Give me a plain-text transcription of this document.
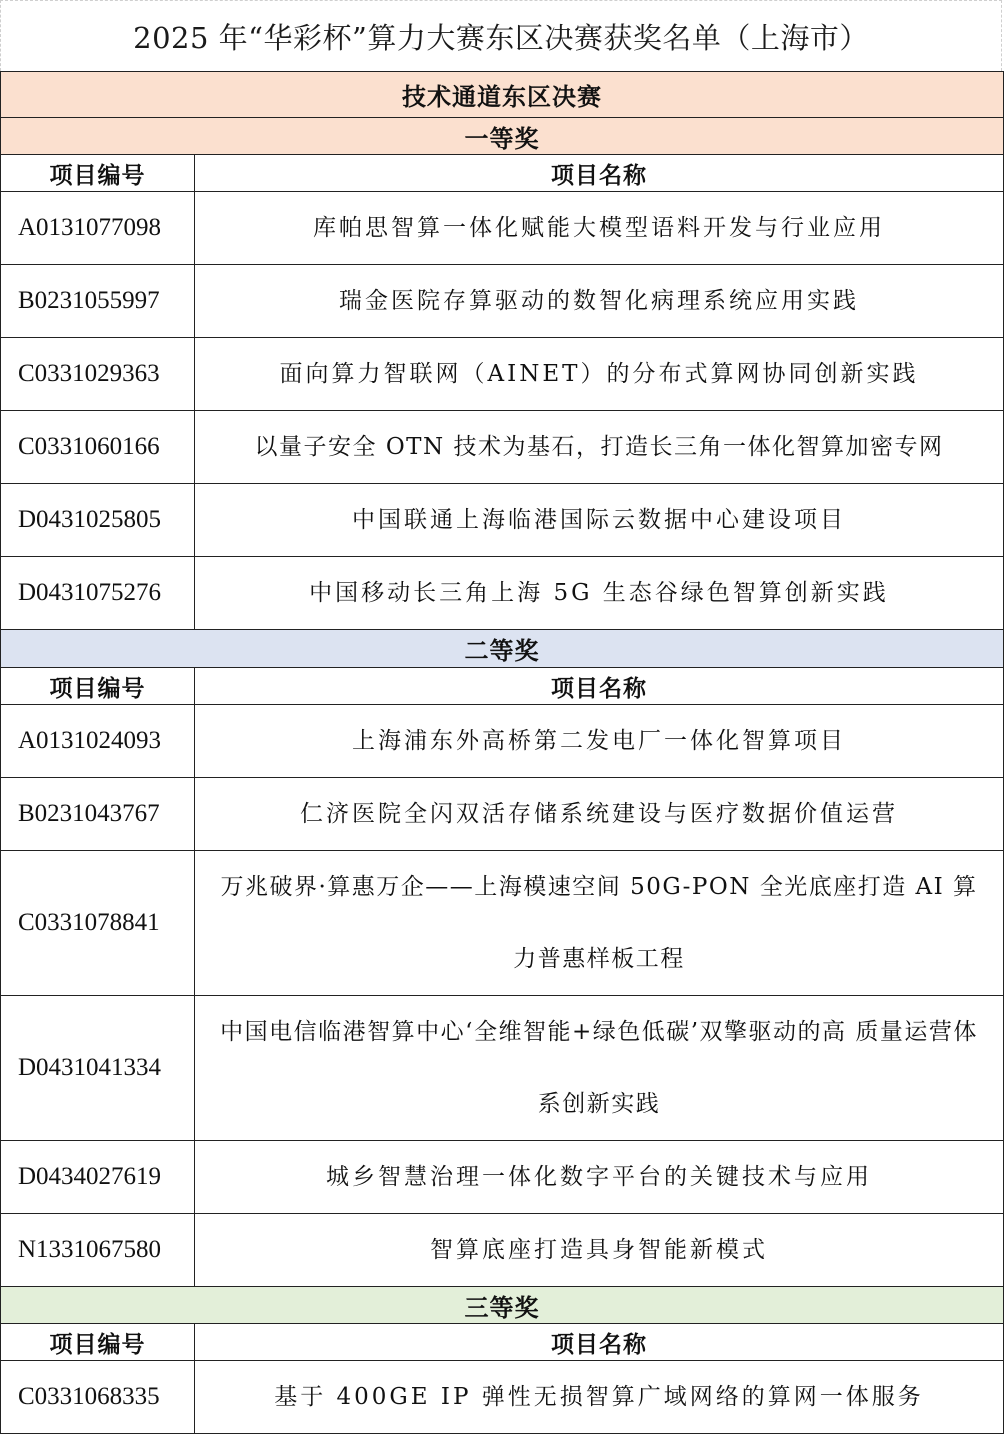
2025 年“华彩杯”算力大赛东区决赛获奖名单（上海市）
技术通道东区决赛	
一等奖	
项目编号	项目名称
A0131077098	库帕思智算一体化赋能大模型语料开发与行业应用
B0231055997	瑞金医院存算驱动的数智化病理系统应用实践
C0331029363	面向算力智联网（AINET）的分布式算网协同创新实践
C0331060166	以量子安全 OTN 技术为基石，打造长三角一体化智算加密专网
D0431025805	中国联通上海临港国际云数据中心建设项目
D0431075276	中国移动长三角上海 5G 生态谷绿色智算创新实践
二等奖	
项目编号	项目名称
A0131024093	上海浦东外高桥第二发电厂一体化智算项目
B0231043767	仁济医院全闪双活存储系统建设与医疗数据价值运营
C0331078841	万兆破界·算惠万企——上海模速空间 50G-PON 全光底座打造 AI 算力普惠样板工程
D0431041334	中国电信临港智算中心‘全维智能+绿色低碳’双擎驱动的高 质量运营体系创新实践
D0434027619	城乡智慧治理一体化数字平台的关键技术与应用
N1331067580	智算底座打造具身智能新模式
三等奖	
项目编号	项目名称
C0331068335	基于 400GE IP 弹性无损智算广域网络的算网一体服务
